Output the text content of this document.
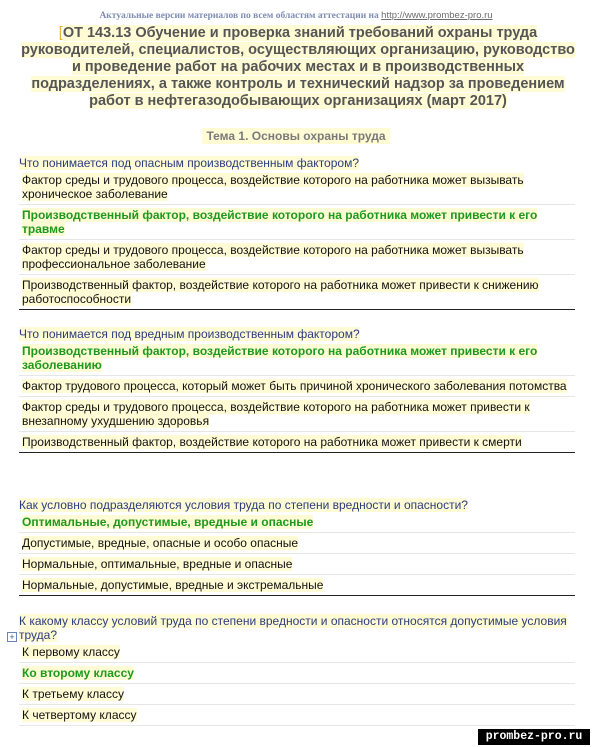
Актуальные версии материалов по всем областям аттестации на http://www.prombez-pro.ru
[ОТ 143.13 Обучение и проверка знаний требований охраны труда руководителей, специалистов, осуществляющих организацию, руководство и проведение работ на рабочих местах и в производственных подразделениях, а также контроль и технический надзор за проведением работ в нефтегазодобывающих организациях (март 2017)
Тема 1. Основы охраны труда
Что понимается под опасным производственным фактором?
Фактор среды и трудового процесса, воздействие которого на работника может вызывать хроническое заболевание
Производственный фактор, воздействие которого на работника может привести к его травме
Фактор среды и трудового процесса, воздействие которого на работника может вызывать профессиональное заболевание
Производственный фактор, воздействие которого на работника может привести к снижению работоспособности
Что понимается под вредным производственным фактором?
Производственный фактор, воздействие которого на работника может привести к его заболеванию
Фактор трудового процесса, который может быть причиной хронического заболевания потомства
Фактор среды и трудового процесса, воздействие которого на работника может привести к внезапному ухудшению здоровья
Производственный фактор, воздействие которого на работника может привести к смерти
Как условно подразделяются условия труда по степени вредности и опасности?
Оптимальные, допустимые, вредные и опасные
Допустимые, вредные, опасные и особо опасные
Нормальные, оптимальные, вредные и опасные
Нормальные, допустимые, вредные и экстремальные
+
К какому классу условий труда по степени вредности и опасности относятся допустимые условия труда?
К первому классу
Ко второму классу
К третьему классу
К четвертому классу
prombez-pro.ru
